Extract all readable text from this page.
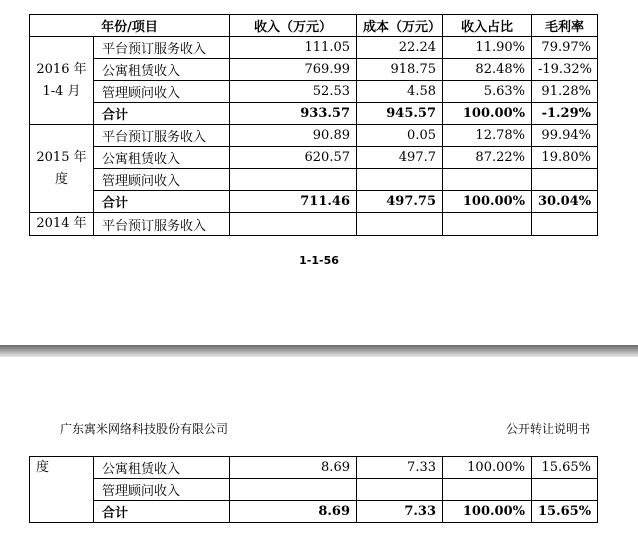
年份/项目		收入（万元）	成本（万元）	收入占比	毛利率
2016 年 1-4 月	平台预订服务收入	111.05	22.24	11.90%	79.97%
	公寓租赁收入	769.99	918.75	82.48%	-19.32%
	管理顾问收入	52.53	4.58	5.63%	91.28%
	合计	933.57	945.57	100.00%	-1.29%
2015 年度	平台预订服务收入	90.89	0.05	12.78%	99.94%
	公寓租赁收入	620.57	497.7	87.22%	19.80%
	管理顾问收入				
	合计	711.46	497.75	100.00%	30.04%
2014 年	平台预订服务收入				
1-1-56
广东寓米网络科技股份有限公司	公开转让说明书
度	公寓租赁收入	8.69	7.33	100.00%	15.65%
	管理顾问收入				
	合计	8.69	7.33	100.00%	15.65%
